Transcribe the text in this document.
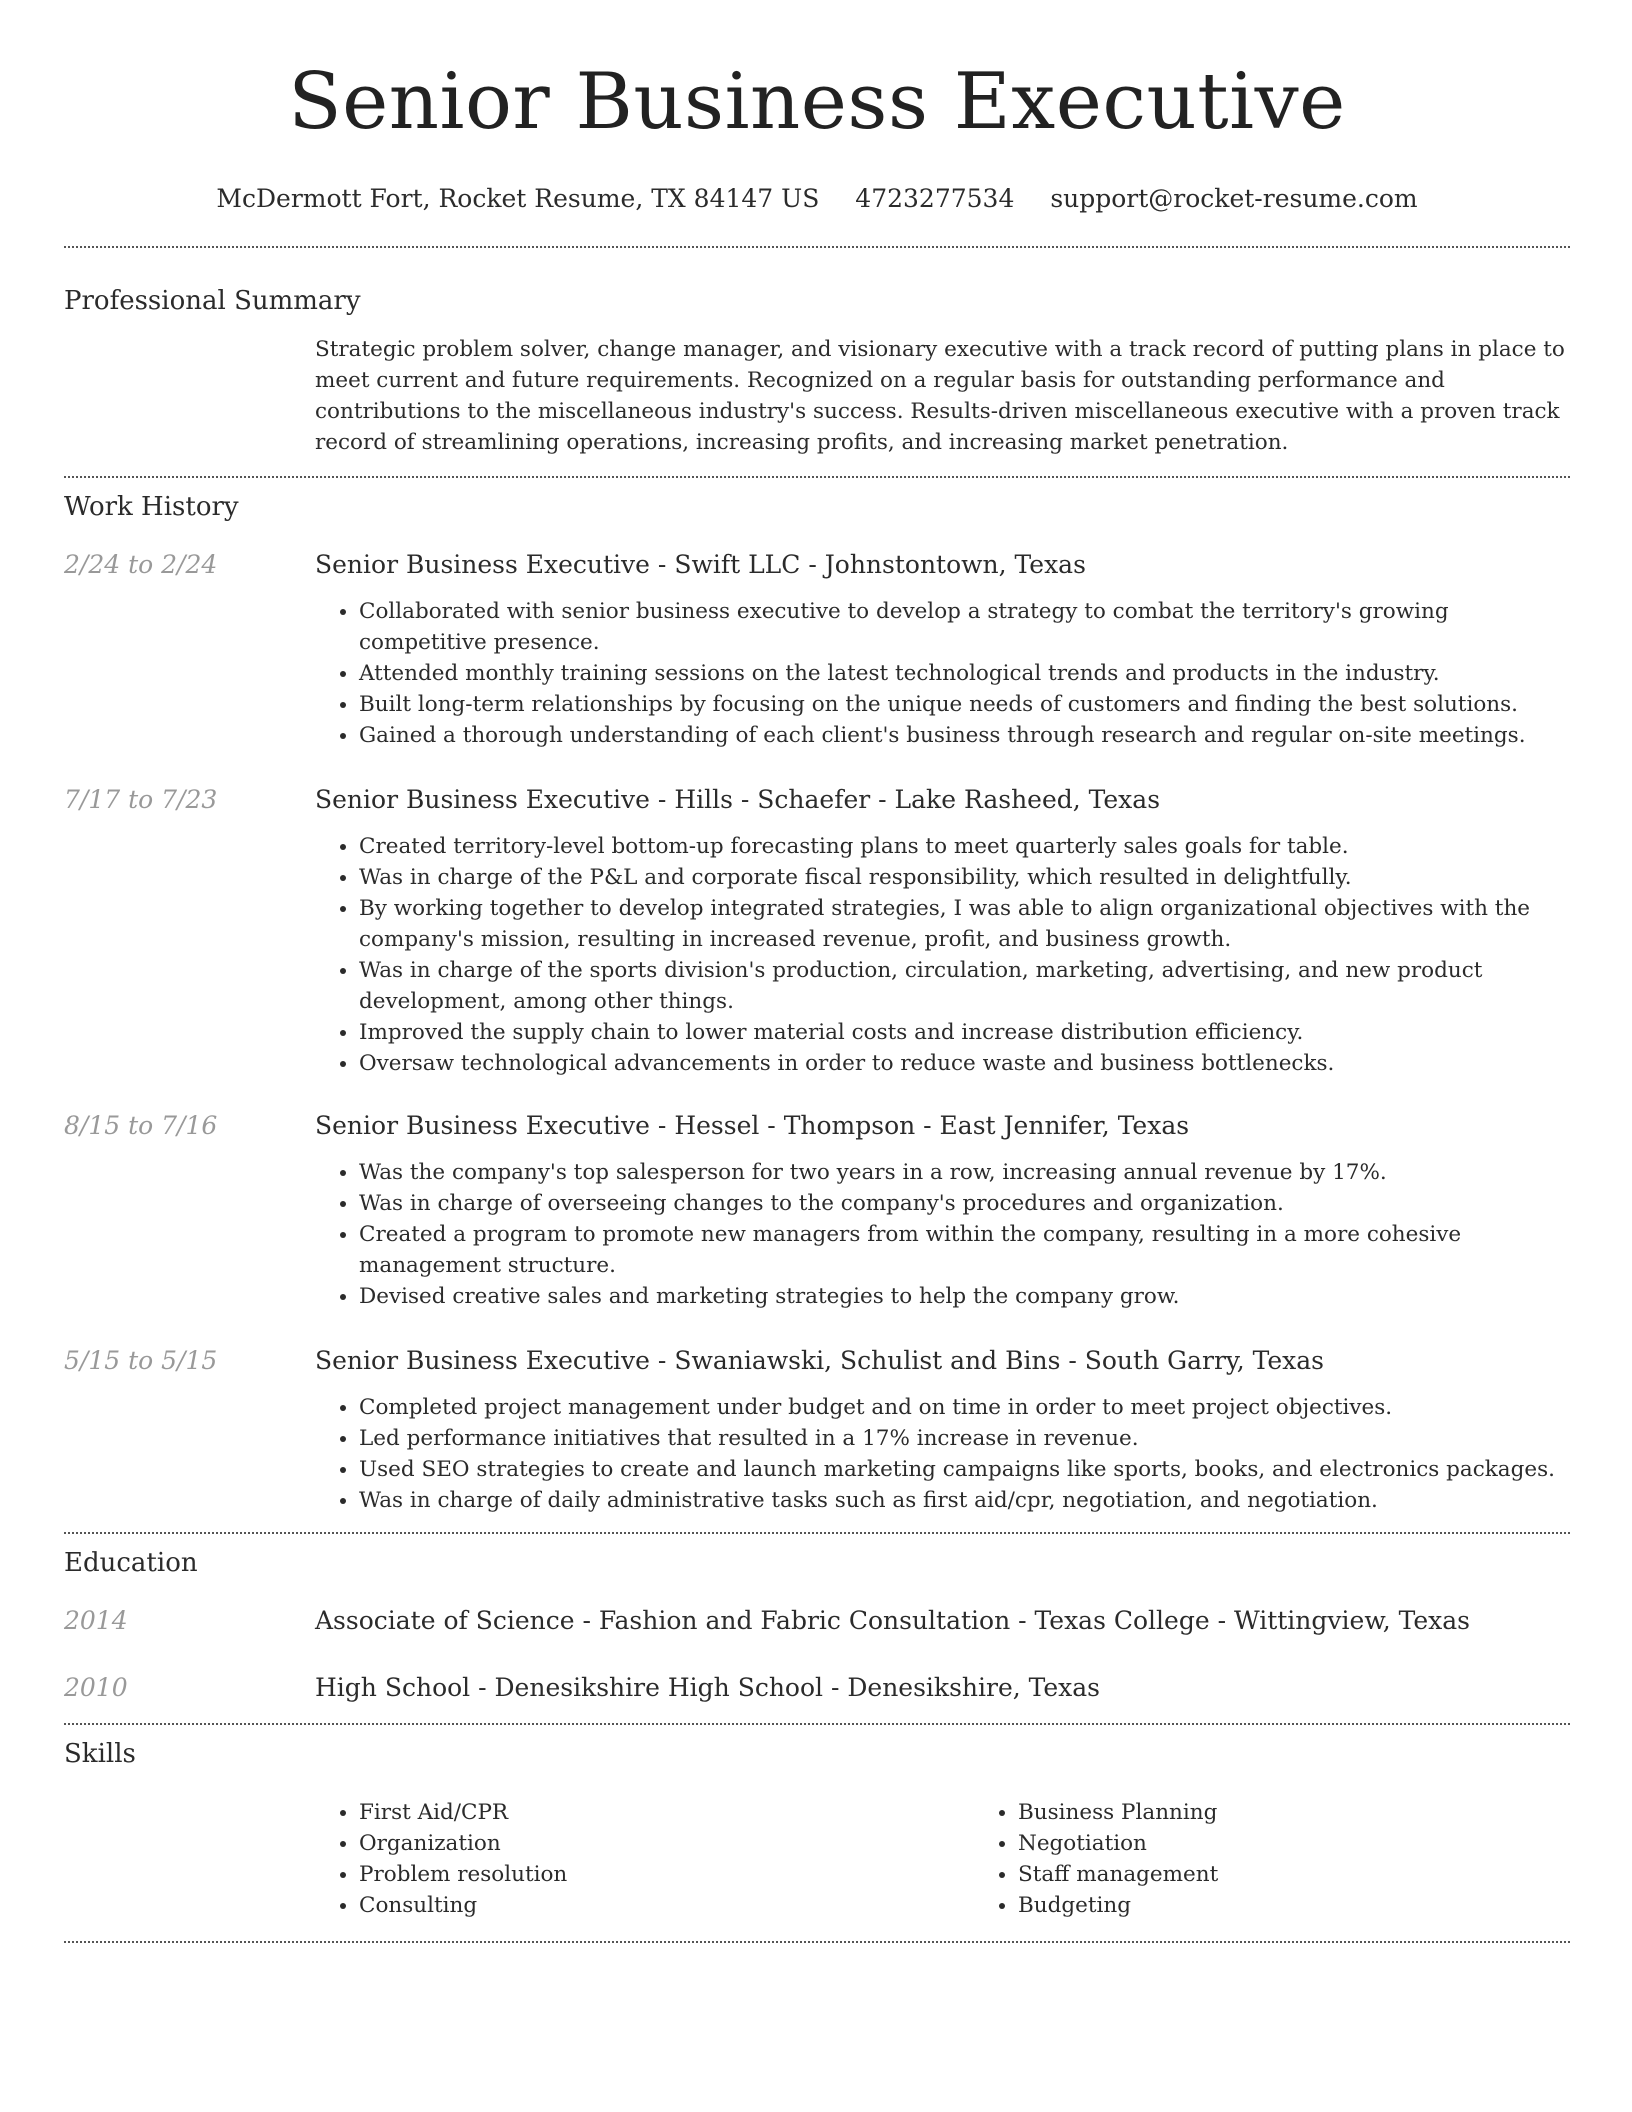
Senior Business Executive
McDermott Fort, Rocket Resume, TX 84147 US 4723277534 support@rocket-resume.com
Professional Summary
Strategic problem solver, change manager, and visionary executive with a track record of putting plans in place to meet current and future requirements. Recognized on a regular basis for outstanding performance and contributions to the miscellaneous industry's success. Results-driven miscellaneous executive with a proven track record of streamlining operations, increasing profits, and increasing market penetration.
Work History
2/24 to 2/24	Senior Business Executive - Swift LLC - Johnstontown, Texas
• Collaborated with senior business executive to develop a strategy to combat the territory's growing competitive presence.
• Attended monthly training sessions on the latest technological trends and products in the industry.
• Built long-term relationships by focusing on the unique needs of customers and finding the best solutions.
• Gained a thorough understanding of each client's business through research and regular on-site meetings.
7/17 to 7/23	Senior Business Executive - Hills - Schaefer - Lake Rasheed, Texas
• Created territory-level bottom-up forecasting plans to meet quarterly sales goals for table.
• Was in charge of the P&L and corporate fiscal responsibility, which resulted in delightfully.
• By working together to develop integrated strategies, I was able to align organizational objectives with the company's mission, resulting in increased revenue, profit, and business growth.
• Was in charge of the sports division's production, circulation, marketing, advertising, and new product development, among other things.
• Improved the supply chain to lower material costs and increase distribution efficiency.
• Oversaw technological advancements in order to reduce waste and business bottlenecks.
8/15 to 7/16	Senior Business Executive - Hessel - Thompson - East Jennifer, Texas
• Was the company's top salesperson for two years in a row, increasing annual revenue by 17%.
• Was in charge of overseeing changes to the company's procedures and organization.
• Created a program to promote new managers from within the company, resulting in a more cohesive management structure.
• Devised creative sales and marketing strategies to help the company grow.
5/15 to 5/15	Senior Business Executive - Swaniawski, Schulist and Bins - South Garry, Texas
• Completed project management under budget and on time in order to meet project objectives.
• Led performance initiatives that resulted in a 17% increase in revenue.
• Used SEO strategies to create and launch marketing campaigns like sports, books, and electronics packages.
• Was in charge of daily administrative tasks such as first aid/cpr, negotiation, and negotiation.
Education
2014	Associate of Science - Fashion and Fabric Consultation - Texas College - Wittingview, Texas
2010	High School - Denesikshire High School - Denesikshire, Texas
Skills
• First Aid/CPR
• Organization
• Problem resolution
• Consulting
• Business Planning
• Negotiation
• Staff management
• Budgeting
